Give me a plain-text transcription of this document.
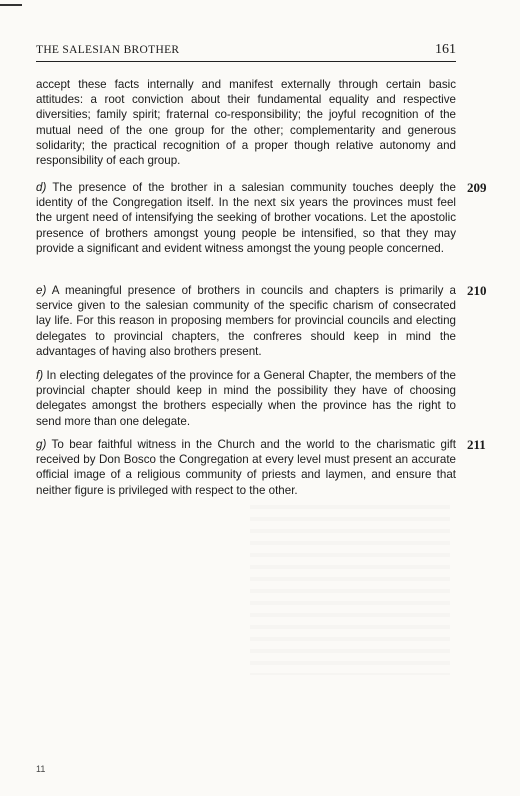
THE SALESIAN BROTHER	161
accept these facts internally and manifest externally through certain basic attitudes: a root conviction about their fundamental equality and respective diversities; family spirit; fraternal co-responsibility; the joyful recognition of the mutual need of the one group for the other; complementarity and generous solidarity; the practical recognition of a proper though relative autonomy and responsibility of each group.
d) The presence of the brother in a salesian community touches deeply the identity of the Congregation itself. In the next six years the provinces must feel the urgent need of intensifying the seeking of brother vocations. Let the apostolic presence of brothers amongst young people be intensified, so that they may provide a significant and evident witness amongst the young people concerned.
209
e) A meaningful presence of brothers in councils and chapters is primarily a service given to the salesian community of the specific charism of consecrated lay life. For this reason in proposing members for provincial councils and electing delegates to provincial chapters, the confreres should keep in mind the advantages of having also brothers present.
210
f) In electing delegates of the province for a General Chapter, the members of the provincial chapter should keep in mind the possibility they have of choosing delegates amongst the brothers especially when the province has the right to send more than one delegate.
g) To bear faithful witness in the Church and the world to the charismatic gift received by Don Bosco the Congregation at every level must present an accurate official image of a religious community of priests and laymen, and ensure that neither figure is privileged with respect to the other.
211
11
